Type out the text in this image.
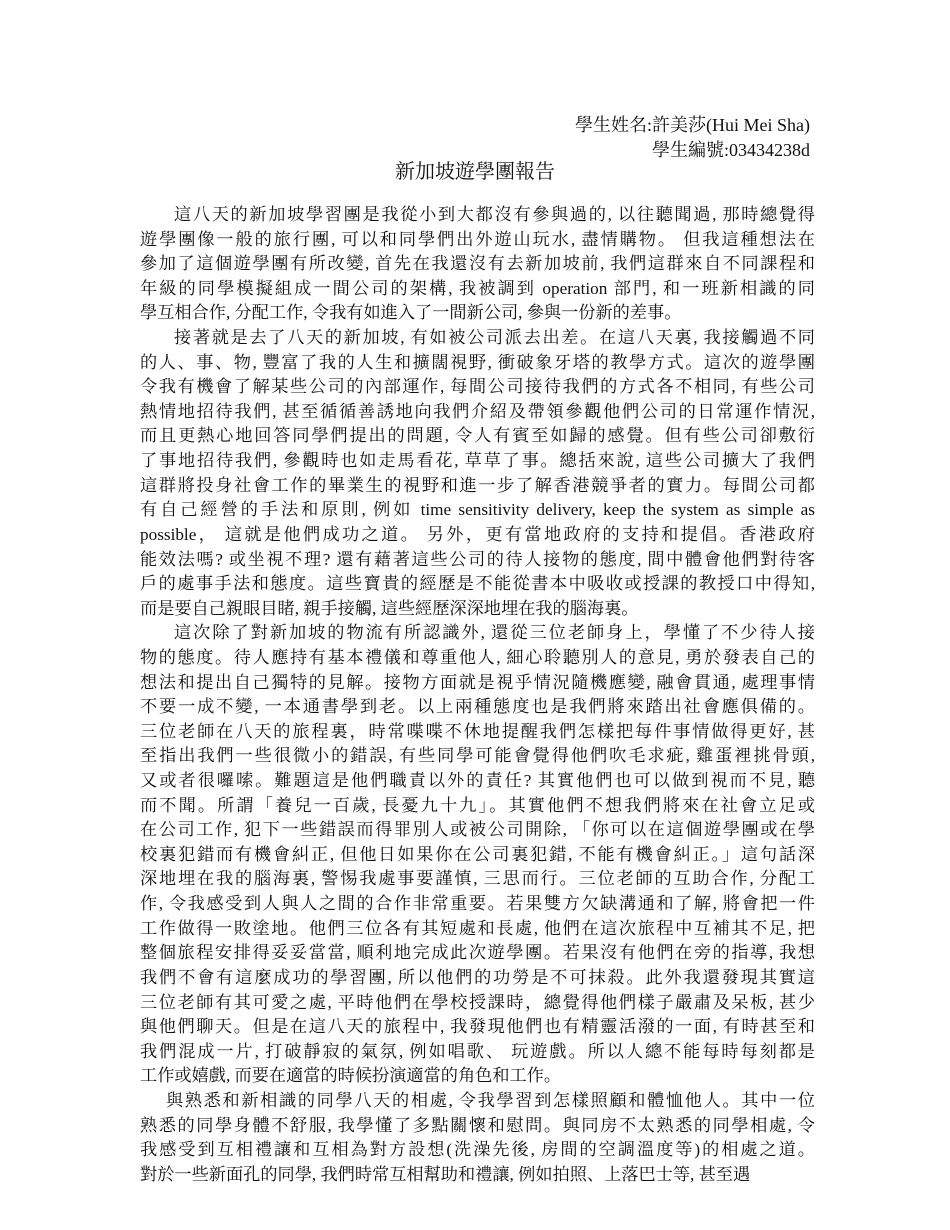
學生姓名:許美莎(Hui Mei Sha)
學生編號:03434238d
新加坡遊學團報告
這八天的新加坡學習團是我從小到大都沒有參與過的, 以往聽聞過, 那時總覺得
遊學團像一般的旅行團, 可以和同學們出外遊山玩水, 盡情購物。 但我這種想法在
參加了這個遊學團有所改變, 首先在我還沒有去新加坡前, 我們這群來自不同課程和
年級的同學模擬組成一間公司的架構, 我被調到 operation 部門, 和一班新相識的同
學互相合作, 分配工作, 令我有如進入了一間新公司, 參與一份新的差事。
接著就是去了八天的新加坡, 有如被公司派去出差。在這八天裏, 我接觸過不同
的人、事、物, 豐富了我的人生和擴闊視野, 衝破象牙塔的教學方式。這次的遊學團
令我有機會了解某些公司的內部運作, 每間公司接待我們的方式各不相同, 有些公司
熱情地招待我們, 甚至循循善誘地向我們介紹及帶領參觀他們公司的日常運作情況,
而且更熱心地回答同學們提出的問題, 令人有賓至如歸的感覺。但有些公司卻敷衍
了事地招待我們, 參觀時也如走馬看花, 草草了事。總括來說, 這些公司擴大了我們
這群將投身社會工作的畢業生的視野和進一步了解香港競爭者的實力。每間公司都
有自己經營的手法和原則, 例如 time sensitivity delivery, keep the system as simple as
possible， 這就是他們成功之道。 另外，更有當地政府的支持和提倡。香港政府
能效法嗎? 或坐視不理? 還有藉著這些公司的待人接物的態度, 間中體會他們對待客
戶的處事手法和態度。這些寶貴的經歷是不能從書本中吸收或授課的教授口中得知,
而是要自己親眼目睹, 親手接觸, 這些經歷深深地埋在我的腦海裏。
這次除了對新加坡的物流有所認識外, 還從三位老師身上，學懂了不少待人接
物的態度。待人應持有基本禮儀和尊重他人, 細心聆聽別人的意見, 勇於發表自己的
想法和提出自己獨特的見解。接物方面就是視乎情況隨機應變, 融會貫通, 處理事情
不要一成不變, 一本通書學到老。以上兩種態度也是我們將來踏出社會應俱備的。
三位老師在八天的旅程裏，時常喋喋不休地提醒我們怎樣把每件事情做得更好, 甚
至指出我們一些很微小的錯誤, 有些同學可能會覺得他們吹毛求疵, 雞蛋裡挑骨頭,
又或者很囉嗦。難題這是他們職責以外的責任? 其實他們也可以做到視而不見, 聽
而不聞。所謂「養兒一百歲, 長憂九十九」。其實他們不想我們將來在社會立足或
在公司工作, 犯下一些錯誤而得罪別人或被公司開除, 「你可以在這個遊學團或在學
校裏犯錯而有機會糾正, 但他日如果你在公司裏犯錯, 不能有機會糾正。」這句話深
深地埋在我的腦海裏, 警惕我處事要謹慎, 三思而行。三位老師的互助合作, 分配工
作, 令我感受到人與人之間的合作非常重要。若果雙方欠缺溝通和了解, 將會把一件
工作做得一敗塗地。他們三位各有其短處和長處, 他們在這次旅程中互補其不足, 把
整個旅程安排得妥妥當當, 順利地完成此次遊學團。若果沒有他們在旁的指導, 我想
我們不會有這麼成功的學習團, 所以他們的功勞是不可抹殺。此外我還發現其實這
三位老師有其可愛之處, 平時他們在學校授課時，總覺得他們樣子嚴肅及呆板, 甚少
與他們聊天。但是在這八天的旅程中, 我發現他們也有精靈活潑的一面, 有時甚至和
我們混成一片, 打破靜寂的氣氛, 例如唱歌、 玩遊戲。所以人總不能每時每刻都是
工作或嬉戲, 而要在適當的時候扮演適當的角色和工作。
與熟悉和新相識的同學八天的相處, 令我學習到怎樣照顧和體恤他人。其中一位
熟悉的同學身體不舒服, 我學懂了多點關懷和慰問。與同房不太熟悉的同學相處, 令
我感受到互相禮讓和互相為對方設想(洗澡先後, 房間的空調溫度等)的相處之道。
對於一些新面孔的同學, 我們時常互相幫助和禮讓, 例如拍照、上落巴士等, 甚至遇
